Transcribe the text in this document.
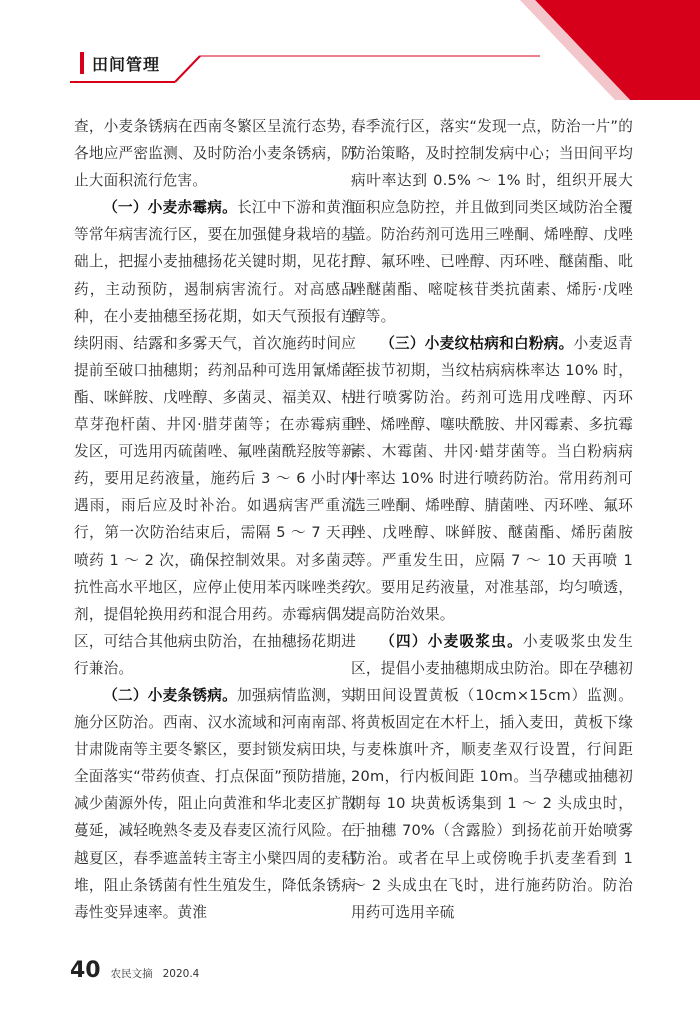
田间管理

查，小麦条锈病在西南冬繁区呈流行态势，各地应严密监测、及时防治小麦条锈病，防止大面积流行危害。

（一）小麦赤霉病。长江中下游和黄淮等常年病害流行区，要在加强健身栽培的基础上，把握小麦抽穗扬花关键时期，见花打药，主动预防，遏制病害流行。对高感品种，在小麦抽穗至扬花期，如天气预报有连续阴雨、结露和多雾天气，首次施药时间应提前至破口抽穗期；药剂品种可选用氰烯菌酯、咪鲜胺、戊唑醇、多菌灵、福美双、枯草芽孢杆菌、井冈·腊芽菌等；在赤霉病重发区，可选用丙硫菌唑、氟唑菌酰羟胺等新药，要用足药液量，施药后 3 ～ 6 小时内遇雨，雨后应及时补治。如遇病害严重流行，第一次防治结束后，需隔 5 ～ 7 天再喷药 1 ～ 2 次，确保控制效果。对多菌灵抗性高水平地区，应停止使用苯丙咪唑类药剂，提倡轮换用药和混合用药。赤霉病偶发区，可结合其他病虫防治，在抽穗扬花期进行兼治。

（二）小麦条锈病。加强病情监测，实施分区防治。西南、汉水流域和河南南部、甘肃陇南等主要冬繁区，要封锁发病田块，全面落实“带药侦查、打点保面”预防措施，减少菌源外传，阻止向黄淮和华北麦区扩散蔓延，减轻晚熟冬麦及春麦区流行风险。在越夏区，春季遮盖转主寄主小檗四周的麦秸堆，阻止条锈菌有性生殖发生，降低条锈病毒性变异速率。黄淮

春季流行区，落实“发现一点，防治一片”的防治策略，及时控制发病中心；当田间平均病叶率达到 0.5% ～ 1% 时，组织开展大面积应急防控，并且做到同类区域防治全覆盖。防治药剂可选用三唑酮、烯唑醇、戊唑醇、氟环唑、已唑醇、丙环唑、醚菌酯、吡唑醚菌酯、嘧啶核苷类抗菌素、烯肟·戊唑醇等。

（三）小麦纹枯病和白粉病。小麦返青至拔节初期，当纹枯病病株率达 10% 时，进行喷雾防治。药剂可选用戊唑醇、丙环唑、烯唑醇、噻呋酰胺、井冈霉素、多抗霉素、木霉菌、井冈·蜡芽菌等。当白粉病病叶率达 10% 时进行喷药防治。常用药剂可选三唑酮、烯唑醇、腈菌唑、丙环唑、氟环唑、戊唑醇、咪鲜胺、醚菌酯、烯肟菌胺等。严重发生田，应隔 7 ～ 10 天再喷 1 次。要用足药液量，对准基部，均匀喷透，提高防治效果。

（四）小麦吸浆虫。小麦吸浆虫发生区，提倡小麦抽穗期成虫防治。即在孕穗初期田间设置黄板（10cm×15cm）监测。将黄板固定在木杆上，插入麦田，黄板下缘与麦株旗叶齐，顺麦垄双行设置，行间距 20m，行内板间距 10m。当孕穗或抽穗初期每 10 块黄板诱集到 1 ～ 2 头成虫时，于抽穗 70%（含露脸）到扬花前开始喷雾防治。或者在早上或傍晚手扒麦垄看到 1 ～ 2 头成虫在飞时，进行施药防治。防治用药可选用辛硫

40 农民文摘 2020.4
